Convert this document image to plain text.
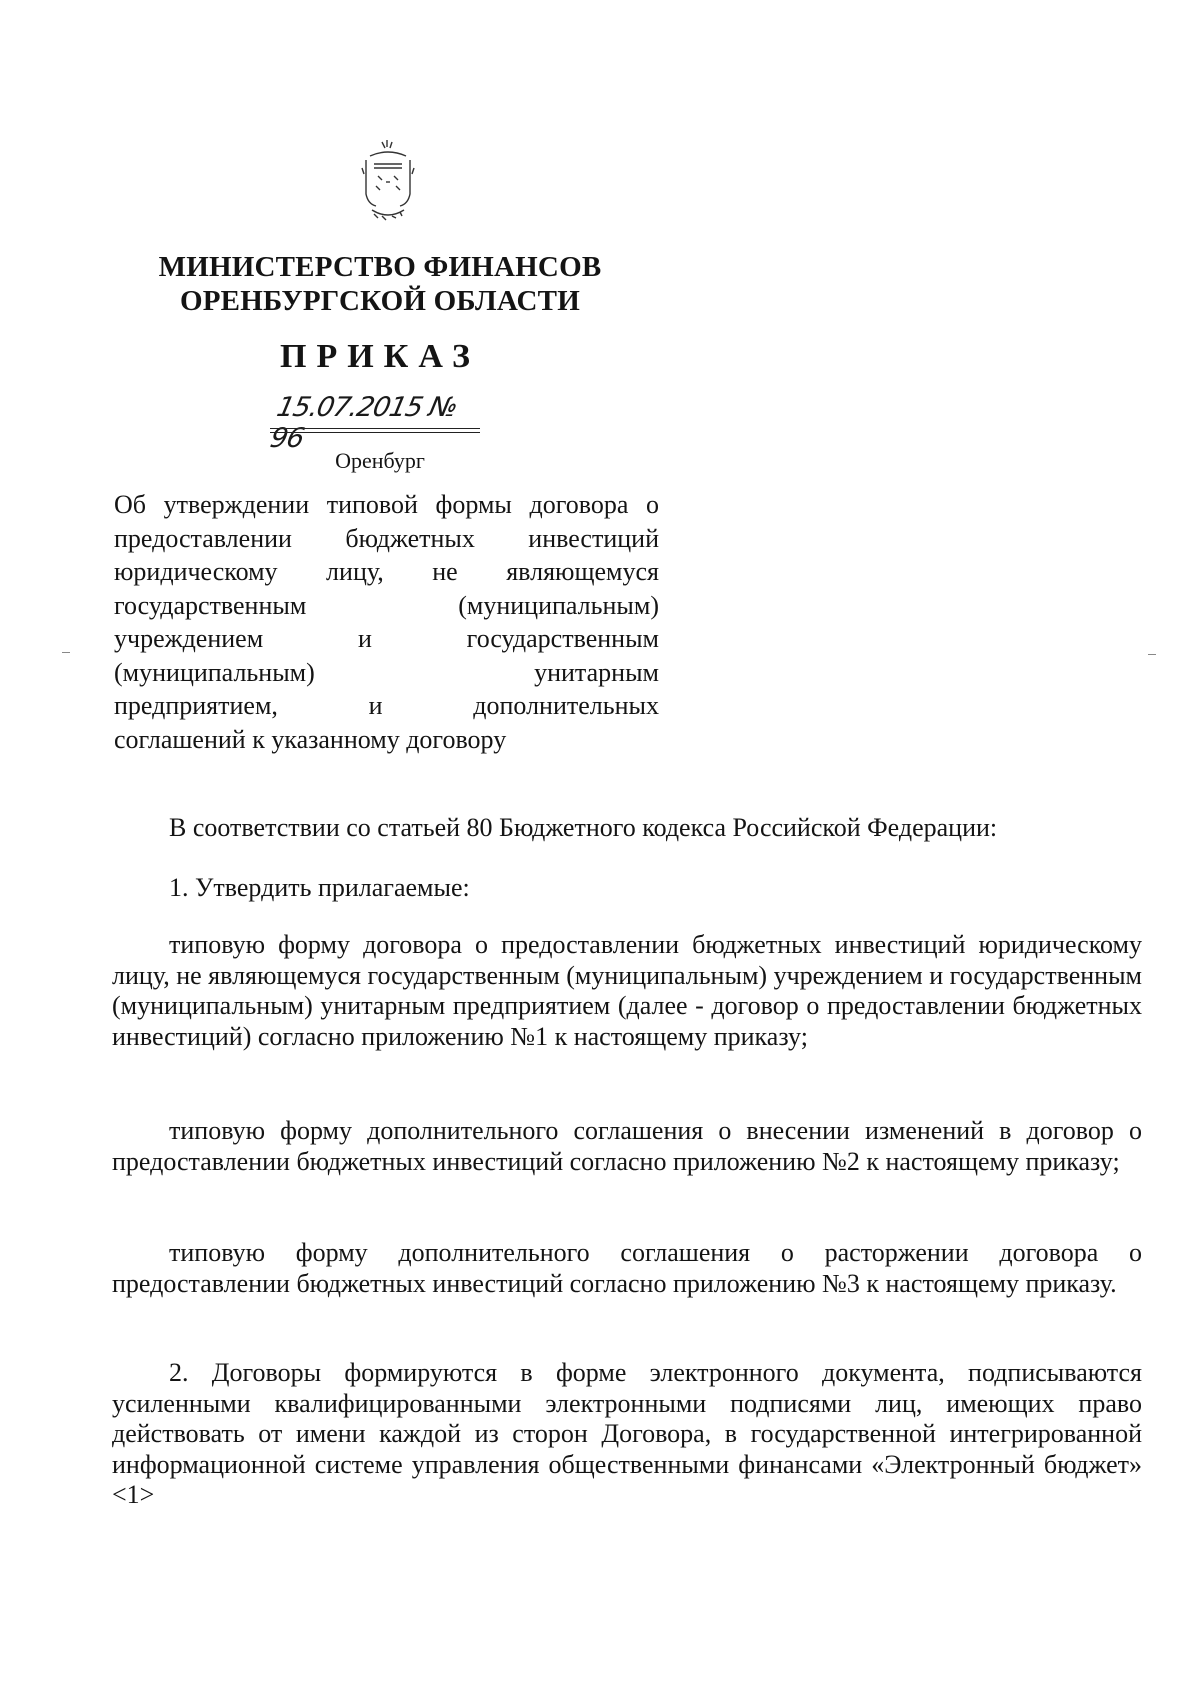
МИНИСТЕРСТВО ФИНАНСОВ
ОРЕНБУРГСКОЙ ОБЛАСТИ
ПРИКАЗ
15.07.2015 № 96
Оренбург
Об утверждении типовой формы договора о
предоставлении бюджетных инвестиций
юридическому лицу, не являющемуся
государственным (муниципальным)
учреждением и государственным
(муниципальным) унитарным
предприятием, и дополнительных
соглашений к указанному договору

В соответствии со статьей 80 Бюджетного кодекса Российской Федерации:

1. Утвердить прилагаемые:

типовую форму договора о предоставлении бюджетных инвестиций юридическому лицу, не являющемуся государственным (муниципальным) учреждением и государственным (муниципальным) унитарным предприятием (далее - договор о предоставлении бюджетных инвестиций) согласно приложению №1 к настоящему приказу;

типовую форму дополнительного соглашения о внесении изменений в договор о предоставлении бюджетных инвестиций согласно приложению №2 к настоящему приказу;

типовую форму дополнительного соглашения о расторжении договора о предоставлении бюджетных инвестиций согласно приложению №3 к настоящему приказу.

2. Договоры формируются в форме электронного документа, подписываются усиленными квалифицированными электронными подписями лиц, имеющих право действовать от имени каждой из сторон Договора, в государственной интегрированной информационной системе управления общественными финансами «Электронный бюджет» <1>
